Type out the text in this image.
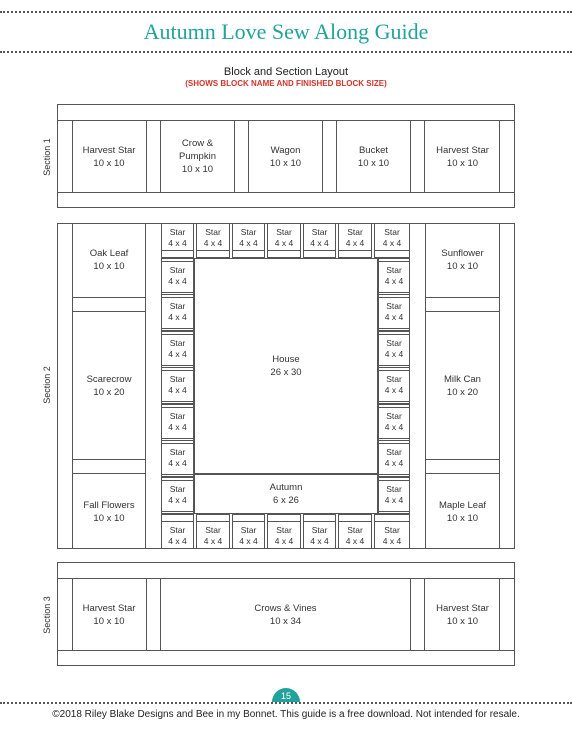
Autumn Love Sew Along Guide
Block and Section Layout
(SHOWS BLOCK NAME AND FINISHED BLOCK SIZE)
Section 1	Harvest Star
10 x 10
Crow &
Pumpkin
10 x 10
Wagon
10 x 10
Bucket
10 x 10
Harvest Star
10 x 10
Section 2
Star
4 x 4
Star
4 x 4
Star
4 x 4
Star
4 x 4
Star
4 x 4
Star
4 x 4
Star
4 x 4
Star
4 x 4
Star
4 x 4
Star
4 x 4
Star
4 x 4
Star
4 x 4
Star
4 x 4
Star
4 x 4
Star
4 x 4
Star
4 x 4
Star
4 x 4
Star
4 x 4
Star
4 x 4
Star
4 x 4
Star
4 x 4
Star
4 x 4
Star
4 x 4
Star
4 x 4
Star
4 x 4
Star
4 x 4
Star
4 x 4
Star
4 x 4
Oak Leaf
10 x 10
Scarecrow
10 x 20
Fall Flowers
10 x 10
Sunflower
10 x 10
Milk Can
10 x 20
Maple Leaf
10 x 10
House
26 x 30
Autumn
6 x 26
Section 3	Harvest Star
10 x 10
Crows & Vines
10 x 34
Harvest Star
10 x 10
15
©2018 Riley Blake Designs and Bee in my Bonnet. This guide is a free download. Not intended for resale.
